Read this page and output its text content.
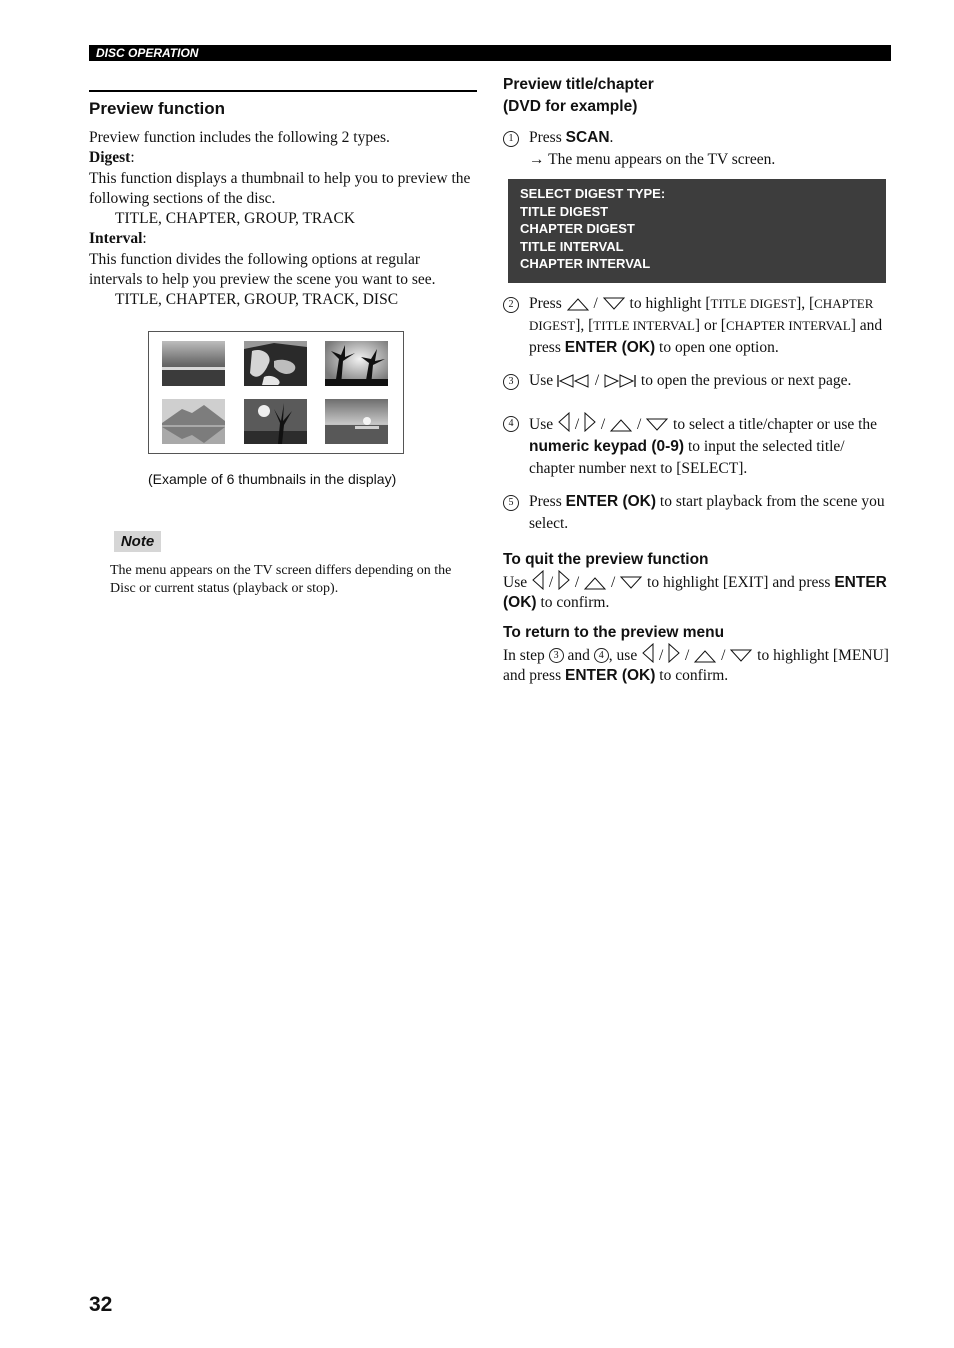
DISC OPERATION
Preview function
Preview function includes the following 2 types.
Digest:
This function displays a thumbnail to help you to preview the following sections of the disc.
TITLE, CHAPTER, GROUP, TRACK
Interval:
This function divides the following options at regular intervals to help you preview the scene you want to see.
TITLE, CHAPTER, GROUP, TRACK, DISC
(Example of 6 thumbnails in the display)
Note
The menu appears on the TV screen differs depending on the Disc or current status (playback or stop).
Preview title/chapter
(DVD for example)
1	Press SCAN.
→ The menu appears on the TV screen.
SELECT DIGEST TYPE:
TITLE DIGEST
CHAPTER DIGEST
TITLE INTERVAL
CHAPTER INTERVAL
2	Press  /  to highlight [TITLE DIGEST], [CHAPTER DIGEST], [TITLE INTERVAL] or [CHAPTER INTERVAL] and press ENTER (OK) to open one option.
3	Use  /  to open the previous or next page.
4	Use  /  /  /  to select a title/chapter or use the numeric keypad (0-9) to input the selected title/ chapter number next to [SELECT].
5	Press ENTER (OK) to start playback from the scene you select.
To quit the preview function
Use  /  /  /  to highlight [EXIT] and press ENTER (OK) to confirm.
To return to the preview menu
In step 3 and 4 , use  /  /  /  to highlight [MENU] and press ENTER (OK) to confirm.
32
